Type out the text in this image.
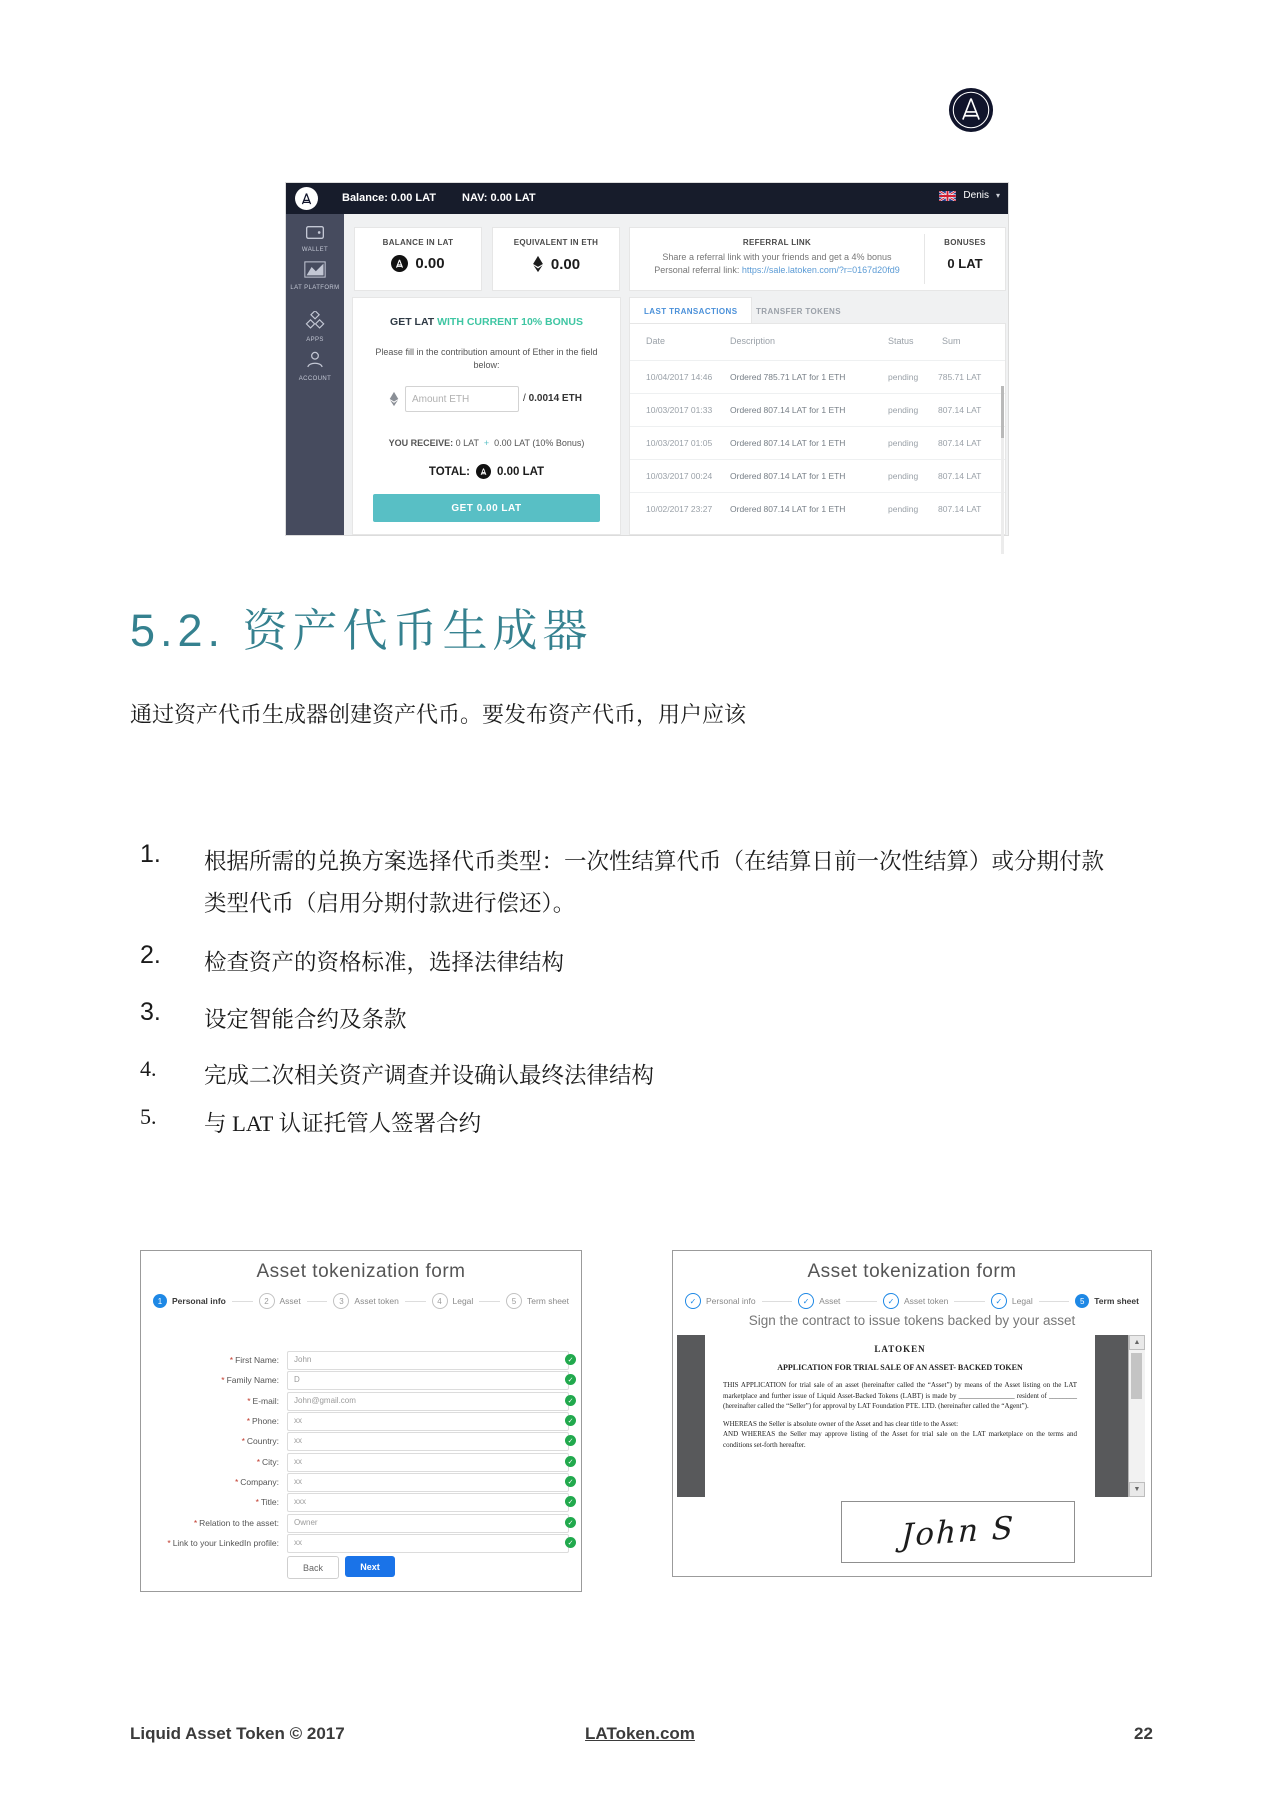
Balance: 0.00 LAT NAV: 0.00 LAT	Denis ▾
WALLET
LAT PLATFORM
APPS
ACCOUNT
BALANCE IN LAT
0.00
EQUIVALENT IN ETH
0.00
REFERRAL LINK
Share a referral link with your friends and get a 4% bonus
Personal referral link: https://sale.latoken.com/?r=0167d20fd9
BONUSES
0 LAT
GET LAT WITH CURRENT 10% BONUS
Please fill in the contribution amount of Ether in the field below:
Amount ETH
/ 0.0014 ETH
YOU RECEIVE: 0 LAT + 0.00 LAT (10% Bonus)
TOTAL: 0.00 LAT
GET 0.00 LAT
LAST TRANSACTIONS	TRANSFER TOKENS
Date	Description	Status	Sum
10/04/2017 14:46 Ordered 785.71 LAT for 1 ETH	pending 785.71 LAT
10/03/2017 01:33 Ordered 807.14 LAT for 1 ETH	pending 807.14 LAT
10/03/2017 01:05 Ordered 807.14 LAT for 1 ETH	pending 807.14 LAT
10/03/2017 00:24 Ordered 807.14 LAT for 1 ETH	pending 807.14 LAT
10/02/2017 23:27 Ordered 807.14 LAT for 1 ETH	pending 807.14 LAT
5.2. 资产代币生成器
通过资产代币生成器创建资产代币。要发布资产代币，用户应该
1.	根据所需的兑换方案选择代币类型：一次性结算代币（在结算日前一次性结算）或分期付款类型代币（启用分期付款进行偿还）。
2.	检查资产的资格标准，选择法律结构
3.	设定智能合约及条款
4.	完成二次相关资产调查并设确认最终法律结构
5.	与 LAT 认证托管人签署合约
Asset tokenization form
1	Personal info	2	Asset	3	Asset token	4	Legal	5	Term sheet
* First Name:	John	✓
* Family Name:	D	✓
* E-mail:	John@gmail.com	✓
* Phone:	xx	✓
* Country:	xx	✓
* City:	xx	✓
* Company:	xx	✓
* Title:	xxx	✓
* Relation to the asset:	Owner	✓
* Link to your LinkedIn profile:	xx	✓
Back	Next
Asset tokenization form
✓	Personal info	✓	Asset	✓	Asset token	✓	Legal	5	Term sheet
Sign the contract to issue tokens backed by your asset
LATOKEN
APPLICATION FOR TRIAL SALE OF AN ASSET- BACKED TOKEN
THIS APPLICATION for trial sale of an asset (hereinafter called the “Asset”) by means of the Asset listing on the LAT marketplace and further issue of Liquid Asset-Backed Tokens (LABT) is made by ________________ resident of ________ (hereinafter called the “Seller”) for approval by LAT Foundation PTE. LTD. (hereinafter called the “Agent”).
WHEREAS the Seller is absolute owner of the Asset and has clear title to the Asset:
AND WHEREAS the Seller may approve listing of the Asset for trial sale on the LAT marketplace on the terms and conditions set-forth hereafter.
▲
▼
John S
Liquid Asset Token © 2017	LAToken.com	22
